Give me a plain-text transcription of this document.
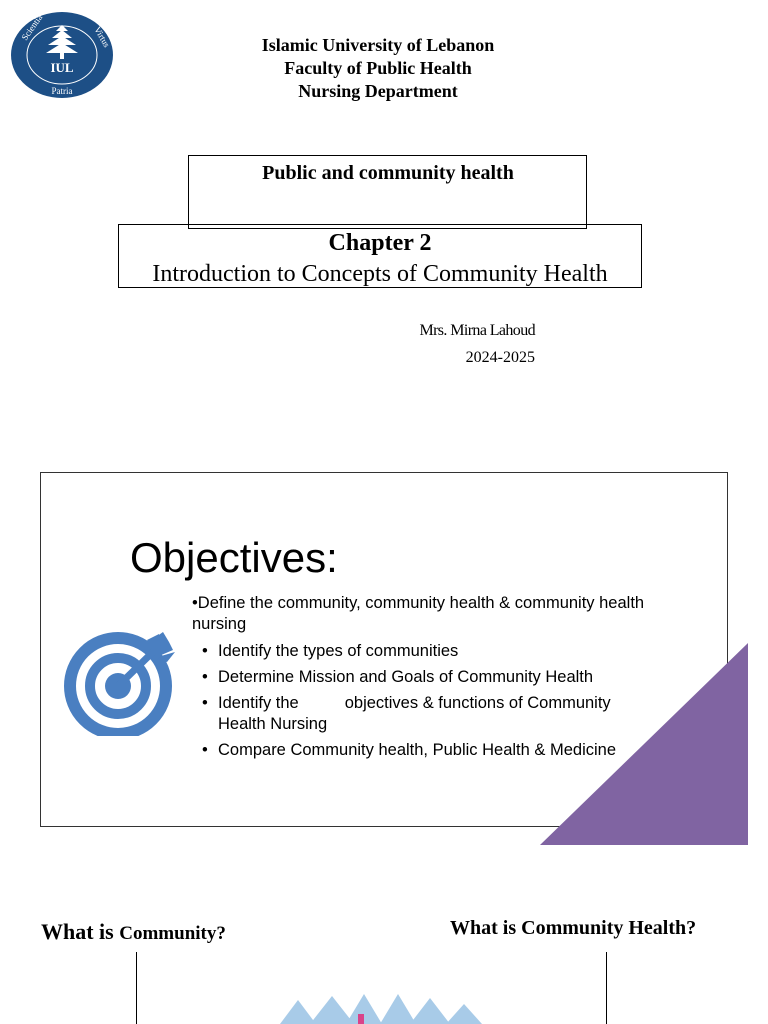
IUL
Scientia	Virtus
Patria
Islamic University of Lebanon
Faculty of Public Health
Nursing Department
Public and community health
Chapter 2
Introduction to Concepts of Community Health
Mrs. Mirna Lahoud
2024-2025
Objectives:
•Define the community, community health & community health nursing
• Identify the types of communities
• Determine Mission and Goals of Community Health
• Identify the	objectives & functions of Community Health Nursing
• Compare Community health, Public Health & Medicine
What is Community?	What is Community Health?
